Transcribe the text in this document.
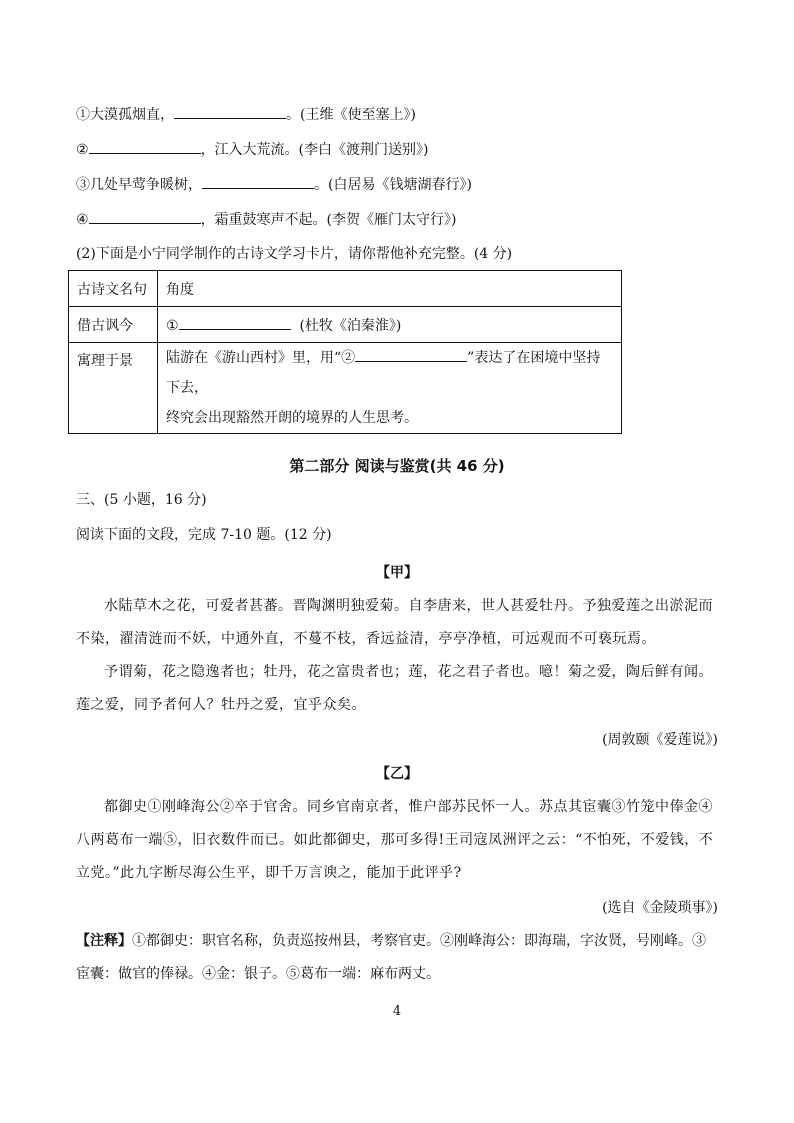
①大漠孤烟直，	。(王维《使至塞上》)
②	，江入大荒流。(李白《渡荆门送别》)
③几处早莺争暖树，	。(白居易《钱塘湖春行》)
④	，霜重鼓寒声不起。(李贺《雁门太守行》)
(2)下面是小宁同学制作的古诗文学习卡片，请你帮他补充完整。(4 分)
古诗文名句	角度
借古讽今	① (杜牧《泊秦淮》)
寓理于景	陆游在《游山西村》里，用“② ”表达了在困境中坚持下去，
终究会出现豁然开朗的境界的人生思考。
第二部分 阅读与鉴赏(共 46 分)
三、(5 小题，16 分)
阅读下面的文段，完成 7-10 题。(12 分)
【甲】
水陆草木之花，可爱者甚蕃。晋陶渊明独爱菊。自李唐来，世人甚爱牡丹。予独爱莲之出淤泥而不染，濯清涟而不妖，中通外直，不蔓不枝，香远益清，亭亭净植，可远观而不可亵玩焉。
予谓菊，花之隐逸者也；牡丹，花之富贵者也；莲，花之君子者也。噫！菊之爱，陶后鲜有闻。莲之爱，同予者何人？牡丹之爱，宜乎众矣。
(周敦颐《爱莲说》)
【乙】
都御史①刚峰海公②卒于官舍。同乡官南京者，惟户部苏民怀一人。苏点其宦囊③竹笼中俸金④八两葛布一端⑤，旧衣数件而已。如此都御史，那可多得!王司寇凤洲评之云：“不怕死，不爱钱，不立党。”此九字断尽海公生平，即千万言谀之，能加于此评乎?
(选自《金陵琐事》)
【注释】①都御史：职官名称，负责巡按州县，考察官吏。②刚峰海公：即海瑞，字汝贤，号刚峰。③宦囊：做官的俸禄。④金：银子。⑤葛布一端：麻布两丈。
4
